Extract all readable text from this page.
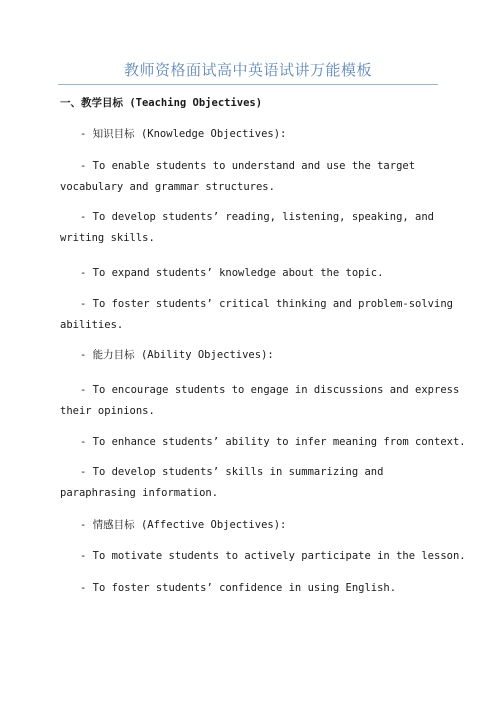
教师资格面试高中英语试讲万能模板
一、教学目标 (Teaching Objectives)
- 知识目标 (Knowledge Objectives):
- To enable students to understand and use the target
vocabulary and grammar structures.
- To develop students’ reading, listening, speaking, and
writing skills.
- To expand students’ knowledge about the topic.
- To foster students’ critical thinking and problem-solving
abilities.
- 能力目标 (Ability Objectives):
- To encourage students to engage in discussions and express
their opinions.
- To enhance students’ ability to infer meaning from context.
- To develop students’ skills in summarizing and
paraphrasing information.
- 情感目标 (Affective Objectives):
- To motivate students to actively participate in the lesson.
- To foster students’ confidence in using English.
